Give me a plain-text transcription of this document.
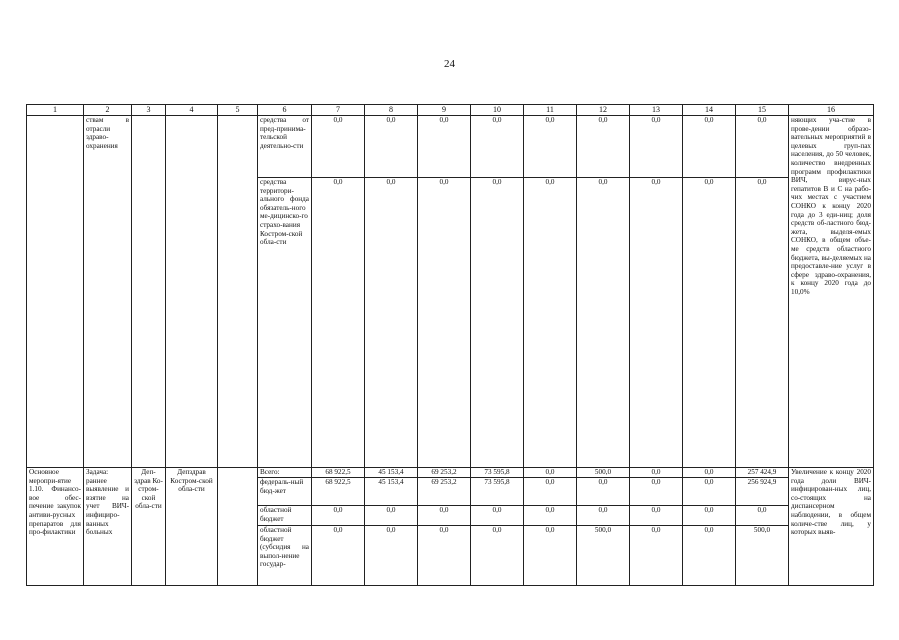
24
1	2	3	4	5	6	7	8	9	10	11	12	13	14	15	16
	ствам в отрасли здраво-охранения				средства от пред-принима-тельской деятельно-сти	0,0	0,0	0,0	0,0	0,0	0,0	0,0	0,0	0,0	няющих уча-стие в прове-дении образо-вательных мероприятий в целевых груп-пах населения, до 50 человек, количество внедренных программ профилактики ВИЧ, вирус-ных гепатитов В и С на рабо-чих местах с участием СОНКО к концу 2020 года до 3 еди-ниц; доля средств об-ластного бюд-жета, выделя-емых СОНКО, в общем объе-ме средств областного бюджета, вы-деляемых на предоставле-ние услуг в сфере здраво-охранения, к концу 2020 года до 10,0%
					средства территори-ального фонда обязатель-ного ме-дицинско-го страхо-вания Костром-ской обла-сти	0,0	0,0	0,0	0,0	0,0	0,0	0,0	0,0	0,0	
Основное меропри-ятие 1.10. Финансо-вое обес-печение закупок антиви-русных препаратов для про-филактики	Задача: раннее выявление и взятие на учет ВИЧ-инфициро-ванных больных	Деп-здрав Ко-стром-ской обла-сти	Депздрав Костром-ской обла-сти		Всего:	68 922,5	45 153,4	69 253,2	73 595,8	0,0	500,0	0,0	0,0	257 424,9	Увеличение к концу 2020 года доли ВИЧ-инфицирован-ных лиц, со-стоящих на диспансерном наблюдении, в общем количе-стве лиц, у которых выяв-
					федераль-ный бюд-жет	68 922,5	45 153,4	69 253,2	73 595,8	0,0	0,0	0,0	0,0	256 924,9	
					областной бюджет	0,0	0,0	0,0	0,0	0,0	0,0	0,0	0,0	0,0	
					областной бюджет (субсидия на выпол-нение государ-	0,0	0,0	0,0	0,0	0,0	500,0	0,0	0,0	500,0	
